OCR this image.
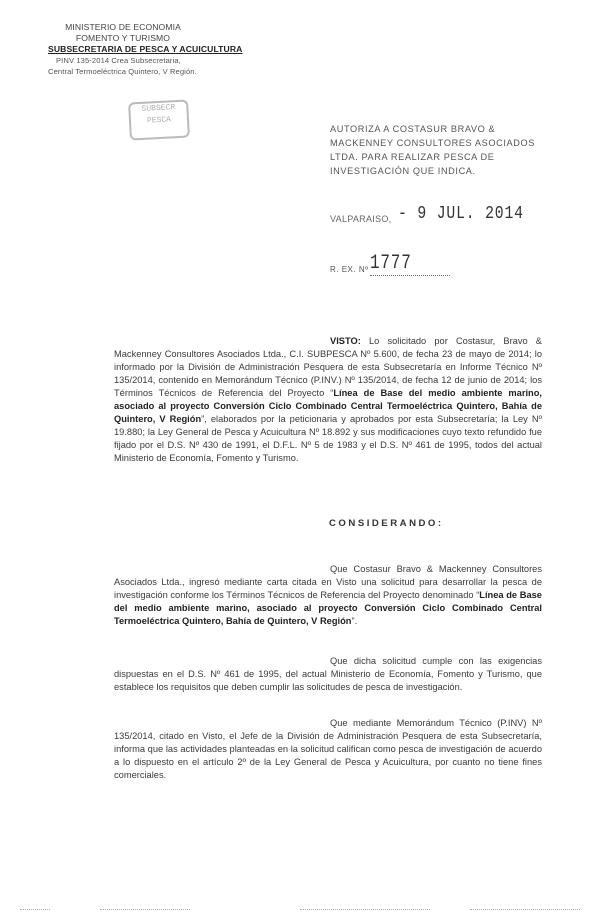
MINISTERIO DE ECONOMIA
FOMENTO Y TURISMO
SUBSECRETARIA DE PESCA Y ACUICULTURA
PINV 135-2014 Crea Subsecretaria,
Central Termoeléctrica Quintero, V Región.
SUBSECR
PESCA
AUTORIZA A COSTASUR BRAVO & MACKENNEY CONSULTORES ASOCIADOS LTDA. PARA REALIZAR PESCA DE INVESTIGACIÓN QUE INDICA.
VALPARAISO, - 9 JUL. 2014
1777
R. EX. Nº
VISTO: Lo solicitado por Costasur, Bravo & Mackenney Consultores Asociados Ltda., C.I. SUBPESCA Nº 5.600, de fecha 23 de mayo de 2014; lo informado por la División de Administración Pesquera de esta Subsecretaría en Informe Técnico Nº 135/2014, contenido en Memorándum Técnico (P.INV.) Nº 135/2014, de fecha 12 de junio de 2014; los Términos Técnicos de Referencia del Proyecto “Línea de Base del medio ambiente marino, asociado al proyecto Conversión Ciclo Combinado Central Termoeléctrica Quintero, Bahía de Quintero, V Región”, elaborados por la peticionaria y aprobados por esta Subsecretaría; la Ley Nº 19.880; la Ley General de Pesca y Acuicultura Nº 18.892 y sus modificaciones cuyo texto refundido fue fijado por el D.S. Nº 430 de 1991, el D.F.L. Nº 5 de 1983 y el D.S. Nº 461 de 1995, todos del actual Ministerio de Economía, Fomento y Turismo.
CONSIDERANDO:
Que Costasur Bravo & Mackenney Consultores Asociados Ltda., ingresó mediante carta citada en Visto una solicitud para desarrollar la pesca de investigación conforme los Términos Técnicos de Referencia del Proyecto denominado “Línea de Base del medio ambiente marino, asociado al proyecto Conversión Ciclo Combinado Central Termoeléctrica Quintero, Bahía de Quintero, V Región”.
Que dicha solicitud cumple con las exigencias dispuestas en el D.S. Nº 461 de 1995, del actual Ministerio de Economía, Fomento y Turismo, que establece los requisitos que deben cumplir las solicitudes de pesca de investigación.
Que mediante Memorándum Técnico (P.INV) Nº 135/2014, citado en Visto, el Jefe de la División de Administración Pesquera de esta Subsecretaría, informa que las actividades planteadas en la solicitud califican como pesca de investigación de acuerdo a lo dispuesto en el artículo 2º de la Ley General de Pesca y Acuicultura, por cuanto no tiene fines comerciales.
